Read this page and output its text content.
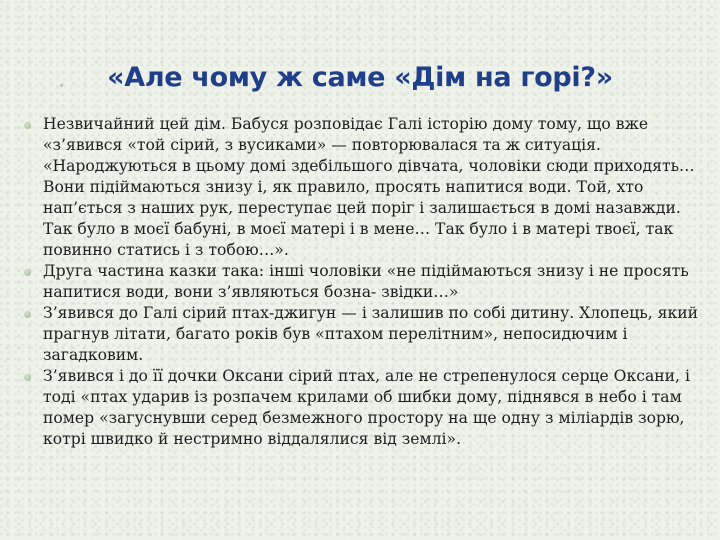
«Але чому ж саме «Дім на горі?»

Незвичайний цей дім. Бабуся розповідає Галі історію дому тому, що вже «з’явився «той сірий, з вусиками» — повторювалася та ж ситуація. «Народжуються в цьому домі здебільшого дівчата, чоловіки сюди приходять… Вони підіймаються знизу і, як правило, просять напитися води. Той, хто нап’ється з наших рук, переступає цей поріг і залишається в домі назавжди. Так було в моєї бабуні, в моєї матері і в мене… Так було і в матері твоєї, так повинно статись і з тобою…».

Друга частина казки така: інші чоловіки «не підіймаються знизу і не просять напитися води, вони з’являються бозна- звідки…»

З’явився до Галі сірий птах-джигун — і залишив по собі дитину. Хлопець, який прагнув літати, багато років був «птахом перелітним», непосидючим і загадковим.

З’явився і до її дочки Оксани сірий птах, але не стрепенулося серце Оксани, і тоді «птах ударив із розпачем крилами об шибки дому, піднявся в небо і там помер «загуснувши серед безмежного простору на ще одну з міліардів зорю, котрі швидко й нестримно віддалялися від землі».
